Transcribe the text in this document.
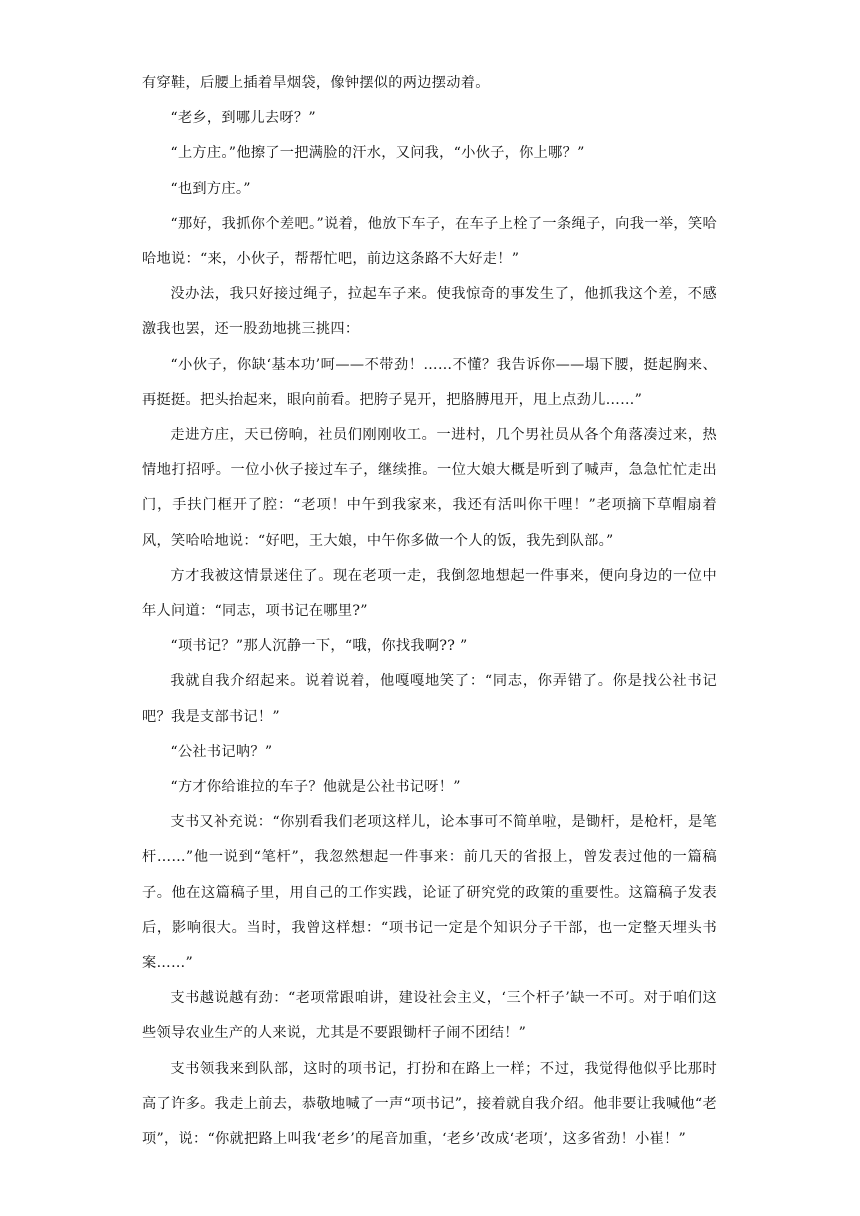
有穿鞋，后腰上插着旱烟袋，像钟摆似的两边摆动着。

“老乡，到哪儿去呀？”

“上方庄。”他擦了一把满脸的汗水，又问我，“小伙子，你上哪？”

“也到方庄。”

“那好，我抓你个差吧。”说着，他放下车子，在车子上栓了一条绳子，向我一举，笑哈哈地说：“来，小伙子，帮帮忙吧，前边这条路不大好走！”

没办法，我只好接过绳子，拉起车子来。使我惊奇的事发生了，他抓我这个差，不感激我也罢，还一股劲地挑三挑四：

“小伙子，你缺‘基本功’呵——不带劲！……不懂？我告诉你——塌下腰，挺起胸来、再挺挺。把头抬起来，眼向前看。把胯子晃开，把胳膊甩开，甩上点劲儿……”

走进方庄，天已傍晌，社员们刚刚收工。一进村，几个男社员从各个角落凑过来，热情地打招呼。一位小伙子接过车子，继续推。一位大娘大概是听到了喊声，急急忙忙走出门，手扶门框开了腔：“老项！中午到我家来，我还有活叫你干哩！”老项摘下草帽扇着风，笑哈哈地说：“好吧，王大娘，中午你多做一个人的饭，我先到队部。”

方才我被这情景迷住了。现在老项一走，我倒忽地想起一件事来，便向身边的一位中年人问道：“同志，项书记在哪里?”

“项书记？”那人沉静一下，“哦，你找我啊?? ”

我就自我介绍起来。说着说着，他嘎嘎地笑了：“同志，你弄错了。你是找公社书记吧？我是支部书记！”

“公社书记呐？”

“方才你给谁拉的车子？他就是公社书记呀！”

支书又补充说：“你别看我们老项这样儿，论本事可不简单啦，是锄杆，是枪杆，是笔杆……”他一说到“笔杆”，我忽然想起一件事来：前几天的省报上，曾发表过他的一篇稿子。他在这篇稿子里，用自己的工作实践，论证了研究党的政策的重要性。这篇稿子发表后，影响很大。当时，我曾这样想：“项书记一定是个知识分子干部，也一定整天埋头书案……”

支书越说越有劲：“老项常跟咱讲，建设社会主义，‘三个杆子’缺一不可。对于咱们这些领导农业生产的人来说，尤其是不要跟锄杆子闹不团结！”

支书领我来到队部，这时的项书记，打扮和在路上一样；不过，我觉得他似乎比那时高了许多。我走上前去，恭敬地喊了一声“项书记”，接着就自我介绍。他非要让我喊他“老项”，说：“你就把路上叫我‘老乡’的尾音加重，‘老乡’改成‘老项’，这多省劲！小崔！”
